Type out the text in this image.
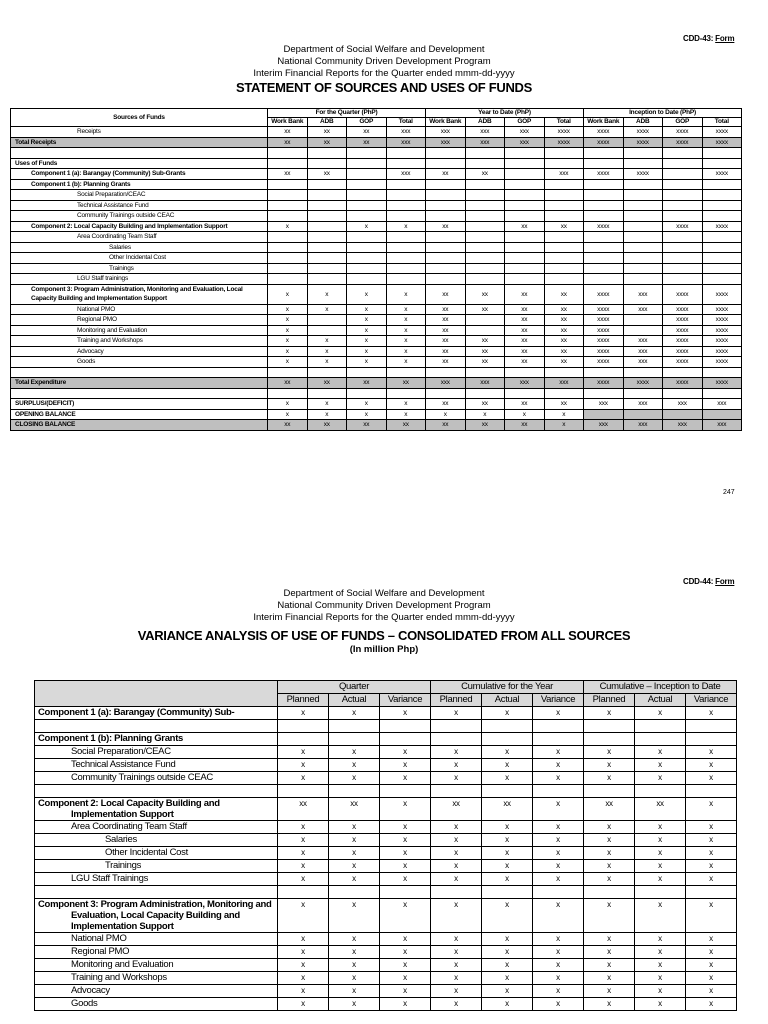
CDD-43: Form
Department of Social Welfare and Development
National Community Driven Development Program
Interim Financial Reports for the Quarter ended mmm-dd-yyyy
STATEMENT OF SOURCES AND USES OF FUNDS
Sources of Funds	For the Quarter (PhP)				Year to Date (PhP)				Inception to Date (PhP)			
	Work Bank	ADB	GOP	Total	Work Bank	ADB	GOP	Total	Work Bank	ADB	GOP	Total
Receipts	xx	xx	xx	xxx	xxx	xxx	xxx	xxxx	xxxx	xxxx	xxxx	xxxx
Total Receipts	xx	xx	xx	xxx	xxx	xxx	xxx	xxxx	xxxx	xxxx	xxxx	xxxx

Uses of Funds												
Component 1 (a): Barangay (Community) Sub-Grants	xx	xx		xxx	xx	xx		xxx	xxxx	xxxx		xxxx
Component 1 (b): Planning Grants												
Social Preparation/CEAC												
Technical Assistance Fund												
Community Trainings outside CEAC												
Component 2: Local Capacity Building and Implementation Support	x		x	x	xx		xx	xx	xxxx		xxxx	xxxx
Area Coordinating Team Staff												
Salaries												
Other Incidental Cost												
Trainings												
LGU Staff trainings												
Component 3: Program Administration, Monitoring and Evaluation, Local Capacity Building and Implementation Support	x	x	x	x	xx	xx	xx	xx	xxxx	xxx	xxxx	xxxx
National PMO	x	x	x	x	xx	xx	xx	xx	xxxx	xxx	xxxx	xxxx
Regional PMO	x		x	x	xx		xx	xx	xxxx		xxxx	xxxx
Monitoring and Evaluation	x		x	x	xx		xx	xx	xxxx		xxxx	xxxx
Training and Workshops	x	x	x	x	xx	xx	xx	xx	xxxx	xxx	xxxx	xxxx
Advocacy	x	x	x	x	xx	xx	xx	xx	xxxx	xxx	xxxx	xxxx
Goods	x	x	x	x	xx	xx	xx	xx	xxxx	xxx	xxxx	xxxx

Total Expenditure	xx	xx	xx	xx	xxx	xxx	xxx	xxx	xxxx	xxxx	xxxx	xxxx

SURPLUS/(DEFICIT)	x	x	x	x	xx	xx	xx	xx	xxx	xxx	xxx	xxx
OPENING BALANCE	x	x	x	x	x	x	x	x				
CLOSING BALANCE	xx	xx	xx	xx	xx	xx	xx	x	xxx	xxx	xxx	xxx
247
CDD-44: Form
Department of Social Welfare and Development
National Community Driven Development Program
Interim Financial Reports for the Quarter ended mmm-dd-yyyy
VARIANCE ANALYSIS OF USE OF FUNDS – CONSOLIDATED FROM ALL SOURCES
(In million Php)
	Quarter			Cumulative for the Year			Cumulative – Inception to Date		
	Planned	Actual	Variance	Planned	Actual	Variance	Planned	Actual	Variance
Component 1 (a): Barangay (Community) Sub-	x	x	x	x	x	x	x	x	x

Component 1 (b): Planning Grants									
Social Preparation/CEAC	x	x	x	x	x	x	x	x	x
Technical Assistance Fund	x	x	x	x	x	x	x	x	x
Community Trainings outside CEAC	x	x	x	x	x	x	x	x	x

Component 2: Local Capacity Building and Implementation Support	xx	xx	x	xx	xx	x	xx	xx	x
Area Coordinating Team Staff	x	x	x	x	x	x	x	x	x
Salaries	x	x	x	x	x	x	x	x	x
Other Incidental Cost	x	x	x	x	x	x	x	x	x
Trainings	x	x	x	x	x	x	x	x	x
LGU Staff Trainings	x	x	x	x	x	x	x	x	x

Component 3: Program Administration, Monitoring and Evaluation, Local Capacity Building and Implementation Support	x	x	x	x	x	x	x	x	x
National PMO	x	x	x	x	x	x	x	x	x
Regional PMO	x	x	x	x	x	x	x	x	x
Monitoring and Evaluation	x	x	x	x	x	x	x	x	x
Training and Workshops	x	x	x	x	x	x	x	x	x
Advocacy	x	x	x	x	x	x	x	x	x
Goods	x	x	x	x	x	x	x	x	x
